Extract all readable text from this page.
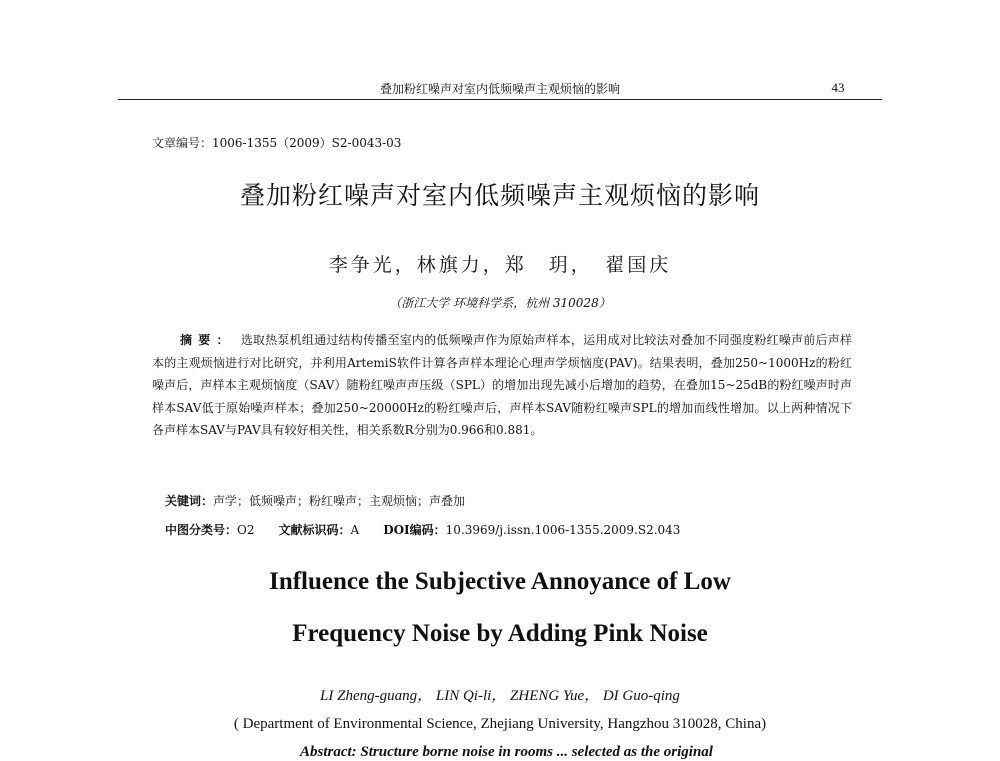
叠加粉红噪声对室内低频噪声主观烦恼的影响	43
文章编号：1006-1355（2009）S2-0043-03
叠加粉红噪声对室内低频噪声主观烦恼的影响
李争光，林旗力，郑　玥，　翟国庆
（浙江大学 环境科学系，杭州 310028）
摘要： 选取热泵机组通过结构传播至室内的低频噪声作为原始声样本，运用成对比较法对叠加不同强度粉红噪声前后声样本的主观烦恼进行对比研究，并利用ArtemiS软件计算各声样本理论心理声学烦恼度(PAV)。结果表明，叠加250~1000Hz的粉红噪声后，声样本主观烦恼度（SAV）随粉红噪声声压级（SPL）的增加出现先减小后增加的趋势，在叠加15~25dB的粉红噪声时声样本SAV低于原始噪声样本；叠加250~20000Hz的粉红噪声后，声样本SAV随粉红噪声SPL的增加而线性增加。以上两种情况下各声样本SAV与PAV具有较好相关性，相关系数R分别为0.966和0.881。
关键词：声学；低频噪声；粉红噪声；主观烦恼；声叠加
中图分类号：O2 文献标识码：A DOI编码：10.3969/j.issn.1006-1355.2009.S2.043
Influence the Subjective Annoyance of Low
Frequency Noise by Adding Pink Noise
LI Zheng-guang， LIN Qi-li， ZHENG Yue， DI Guo-qing
( Department of Environmental Science, Zhejiang University, Hangzhou 310028, China)
Abstract: Structure borne noise in rooms ... selected as the original
